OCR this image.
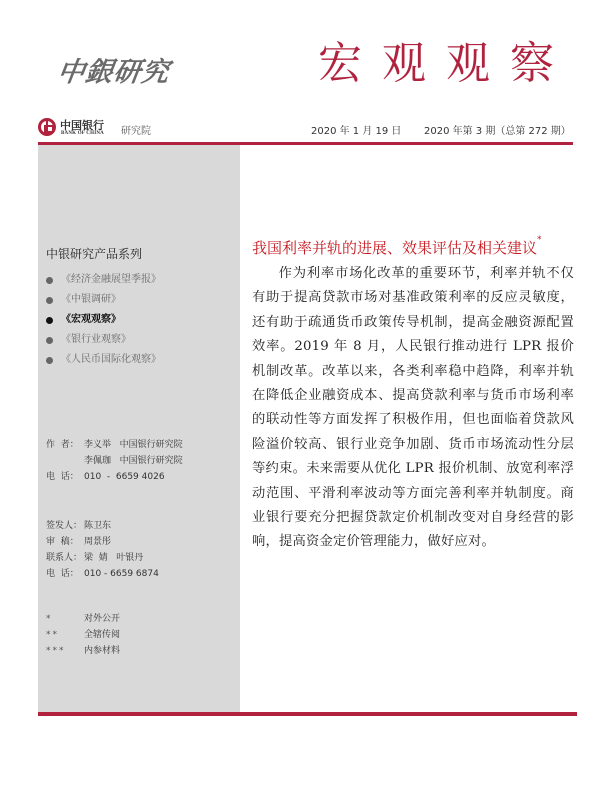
中銀研究	宏观观察
中国银行
BANK OF CHINA 研究院	2020 年 1 月 19 日 2020 年第 3 期（总第 272 期）
中银研究产品系列
《经济金融展望季报》
《中银调研》
《宏观观察》
《银行业观察》
《人民币国际化观察》
作  者： 李义举   中国银行研究院
李佩珈   中国银行研究院
电  话： 010  -  6659 4026
签发人： 陈卫东
审  稿： 周景彤
联系人： 梁  婧   叶银丹
电  话： 010 - 6659 6874
*	对外公开
**	全辖传阅
***	内参材料
我国利率并轨的进展、效果评估及相关建议*

作为利率市场化改革的重要环节，利率并轨不仅有助于提高贷款市场对基准政策利率的反应灵敏度，还有助于疏通货币政策传导机制，提高金融资源配置效率。2019 年 8 月，人民银行推动进行 LPR 报价机制改革。改革以来，各类利率稳中趋降，利率并轨在降低企业融资成本、提高贷款利率与货币市场利率的联动性等方面发挥了积极作用，但也面临着贷款风险溢价较高、银行业竞争加剧、货币市场流动性分层等约束。未来需要从优化 LPR 报价机制、放宽利率浮动范围、平滑利率波动等方面完善利率并轨制度。商业银行要充分把握贷款定价机制改变对自身经营的影响，提高资金定价管理能力，做好应对。
